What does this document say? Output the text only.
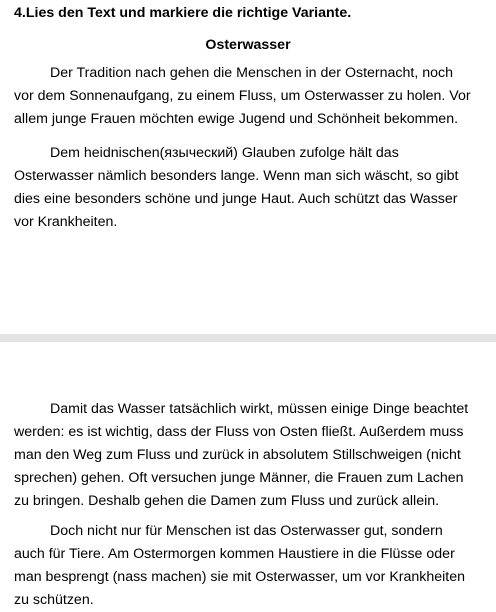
4.Lies den Text und markiere die richtige Variante.
Osterwasser
Der Tradition nach gehen die Menschen in der Osternacht, noch
vor dem Sonnenaufgang, zu einem Fluss, um Osterwasser zu holen. Vor
allem junge Frauen möchten ewige Jugend und Schönheit bekommen.
Dem heidnischen(языческий) Glauben zufolge hält das
Osterwasser nämlich besonders lange. Wenn man sich wäscht, so gibt
dies eine besonders schöne und junge Haut. Auch schützt das Wasser
vor Krankheiten.
Damit das Wasser tatsächlich wirkt, müssen einige Dinge beachtet
werden: es ist wichtig, dass der Fluss von Osten fließt. Außerdem muss
man den Weg zum Fluss und zurück in absolutem Stillschweigen (nicht
sprechen) gehen. Oft versuchen junge Männer, die Frauen zum Lachen
zu bringen. Deshalb gehen die Damen zum Fluss und zurück allein.
Doch nicht nur für Menschen ist das Osterwasser gut, sondern
auch für Tiere. Am Ostermorgen kommen Haustiere in die Flüsse oder
man besprengt (nass machen) sie mit Osterwasser, um vor Krankheiten
zu schützen.
